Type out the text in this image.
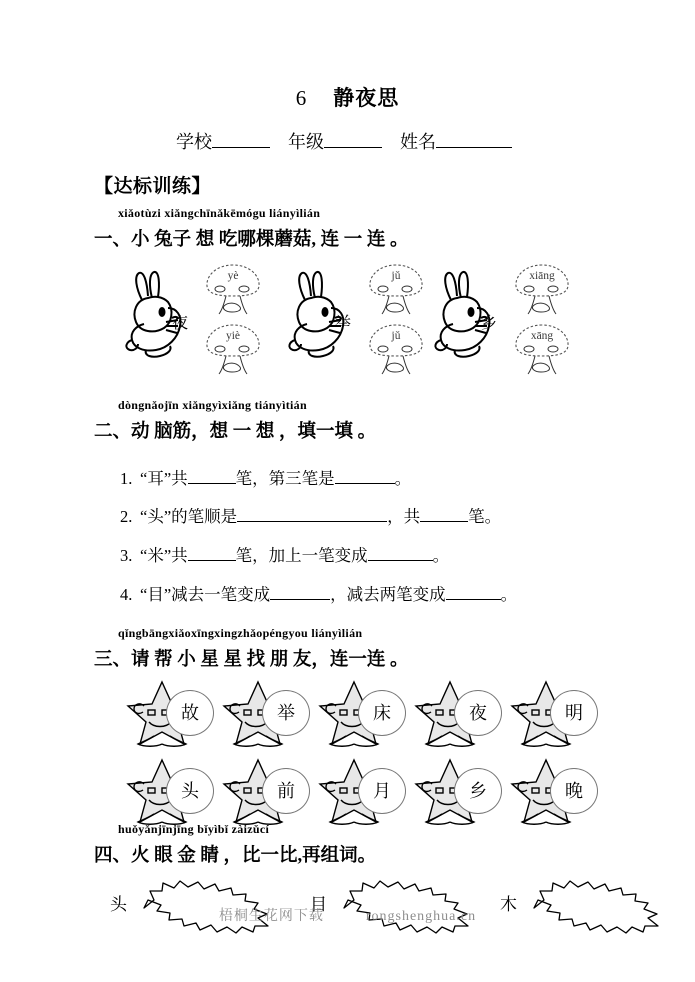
6 静夜思
学校	年级	姓名
【达标训练】
xiǎotùzi xiǎngchīnǎkēmógu liányìlián
一、小 兔子 想 吃哪棵蘑菇, 连 一 连 。
夜
yè
yiè
举
jǔ
jǔ
乡
xiāng
xāng
dòngnǎojīn xiǎngyìxiǎng tiányìtián
二、动 脑筋，想 一 想 ，填一填 。
1. “耳”共	笔，第三笔是	。
2. “头”的笔顺是	，共	笔。
3. “米”共	笔，加上一笔变成	。
4. “目”减去一笔变成	，减去两笔变成	。
qǐngbāngxiǎoxīngxingzhǎopéngyou liányìlián
三、请 帮 小 星 星 找 朋 友，连一连 。
故	举	床	夜	明
头	前	月	乡	晚
huǒyǎnjīnjīng bǐyìbǐ zàizǔcí
四、火 眼 金 睛 ，比一比,再组词。
头	目	木
梧桐生花网下载	rongshenghua.cn
